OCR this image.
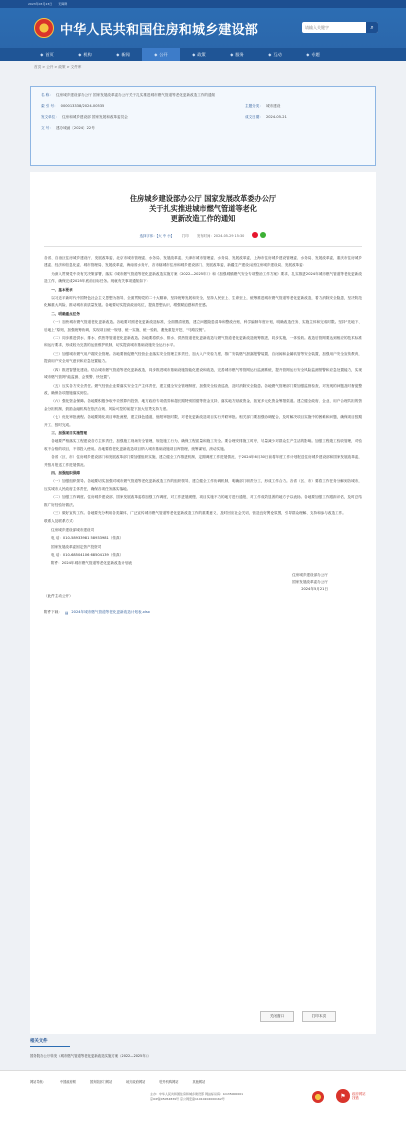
2023年03月23日 无障碍
★ 中华人民共和国住房和城乡建设部
请输入关键字	⌕
◆ 首页	◆ 机构	◆ 新闻	◆ 公开	◆ 政策	◆ 服务	◆ 互动	◆ 专题
首页 > 公开 > 政策 > 文件库
名 称： 住房城乡建设部办公厅 国家发展改革委办公厅关于扎实推进城市燃气管道等老化更新改造工作的通知
索 引 号： 000013338/2024-00535	主题分类： 城市建设
发文单位： 住房和城乡建设部 国家发展和改革委员会	成文日期： 2024-05-21
文 号： 建办城函〔2024〕22号
住房城乡建设部办公厅 国家发展改革委办公厅
关于扎实推进城市燃气管道等老化
更新改造工作的通知
选择字体：【大 中 小】 打印 发布时间：2024-05-29 15:30

各省、自治区住房城乡建设厅、发展改革委，北京市城市管理委、水务局、发展改革委，天津市城市管理委、水务局、发展改革委，上海市住房城乡建设管理委、水务局、发展改革委，重庆市住房城乡建委、经济和信息化委、城市管理局、发展改革委，海南省水务厅，各市辖城市住房和城乡建设部门、发展改革委，新疆生产建设兵团住房城乡建设局、发展改革委：

为深入贯彻党中央有关决策部署，落实《城市燃气管道等老化更新改造实施方案（2022—2025年）》和《加强城镇燃气安全专项整治工作方案》要求，扎实推进2024年城市燃气管道等老化更新改造工作，确保完成2025年底前目标任务。现就有关事项通知如下：

一、基本要求

以习近平新时代中国特色社会主义思想为指导，全面贯彻党的二十大精神，坚持统筹发展和安全，坚持人民至上、生命至上，统筹推进城市燃气管道等老化更新改造，着力消除安全隐患，坚决防范化解重大风险，推动城市高质量发展。各地要切实提高政治站位，提高思想认识，增强紧迫感和责任感。

二、明确重点任务

（一）加快城市燃气管道老化更新改造。各地要对照老化更新改造标准，全面摸清底数，建立问题隐患清单和整改台账，科学编制年度计划，明确改造任务、实施主体和完成时限。坚持“先地下、后地上”原则，加强统筹协调，实现项目统一规划、统一实施、统一验收，避免重复开挖、“马路拉链”。

（二）同步推进供水、排水、供热等管道老化更新改造。各地要将供水、排水、供热管道老化更新改造与燃气管道老化更新改造统筹推进，同步实施，一体验收。改造后管网要达到相应的技术标准和运行要求，形成较为完善的运营维护机制，切实提高城市基础设施安全运行水平。

（三）加强城市燃气用户端安全管理。各地要督促燃气经营企业落实安全管理主体责任，加大入户安检力度，推广安装燃气泄漏报警装置、自闭阀和金属软管等安全装置，加强用户安全宣传教育，提高用户安全用气意识和应急处置能力。

（四）推进智慧化建设。结合城市燃气管道等老化更新改造，同步推进城市基础设施智能化建设和改造，完善城市燃气等管网运行监测系统，提升管网运行安全风险监测预警和应急处置能力，实现城市燃气管网“能监测、会预警、快处置”。

（五）压实各方安全责任。燃气经营企业要落实安全生产主体责任，建立健全安全管理制度，加强安全检查巡查，及时消除安全隐患。各地燃气管理部门要加强监督检查，对发现的问题及时督促整改，确保各项措施落实到位。

（六）强化资金保障。各地要积极争取中央预算内投资、地方政府专项债券和超长期特别国债等资金支持，落实地方财政资金，拓宽多元化资金筹措渠道。建立健全政府、企业、用户合理共担的资金分担机制，鼓励金融机构在依法合规、风险可控的前提下加大信贷支持力度。

（七）优化审批流程。各地要简化项目审批流程，建立绿色通道，缩短审批时限，对老化更新改造项目实行并联审批。相关部门要加强协调配合，及时解决项目实施中的困难和问题，确保项目按期开工、按时完成。

三、加强项目实施管理

各地要严格落实工程建设各方主体责任，加强施工现场安全管理，规范施工行为，确保工程质量和施工安全。要合理安排施工时序，尽量减少对群众生产生活的影响。加强工程竣工验收管理，对验收不合格的项目，不得投入使用。各地要将老化更新改造项目纳入城市基础设施项目库管理，统筹谋划，滚动实施。

各省（区、市）住房城乡建设部门和发展改革部门要加强组织实施，建立健全工作推进机制，定期调度工作进展情况，于2024年6月30日前将年度工作计划报送住房城乡建设部和国家发展改革委，并按月报送工作进展情况。

四、加强组织保障

（一）加强组织领导。各地要切实加强对城市燃气管道等老化更新改造工作的组织领导，建立健全工作协调机制，明确部门职责分工，形成工作合力。各省（区、市）要将工作任务分解到各城市，压实城市人民政府主体责任，确保各项任务落实落地。

（二）加强工作调度。住房城乡建设部、国家发展改革委将加强工作调度，对工作进展缓慢、项目实施不力的地方进行通报，对工作成效显著的地方予以表扬。各地要加强工作跟踪评估，及时总结推广好经验好做法。

（三）做好宣传工作。各地要充分利用各类媒体，广泛宣传城市燃气管道等老化更新改造工作的重要意义，及时回应社会关切，营造良好舆论氛围，引导群众理解、支持和参与改造工作。

联系人及联系方式：

住房城乡建设部城市建设司

电 话：010-58933981 58933981（传真）

国家发展改革委固定资产投资司

电 话：010-68504106 68504139（传真）

附件：2024年城市燃气管道等老化更新改造计划表

住房城乡建设部办公厅
国家发展改革委办公厅
2024年5月21日

（此件主动公开）

附件下载： ▤ 2024年城市燃气管道等老化更新改造计划表.xlsx
关闭窗口	打印本页
相关文件
国务院办公厅转发《城市燃气管道等老化更新改造实施方案（2022—2025年）》
网站导航：	中国政府网	国务院部门网站	地方政府网站	驻外机构网站	其他网站
主办：中华人民共和国住房和城乡建设部 网站标识码：bm35000001
京ICP备05054839号 京公网安备11010202000162号	⚑	政府网站
找错
